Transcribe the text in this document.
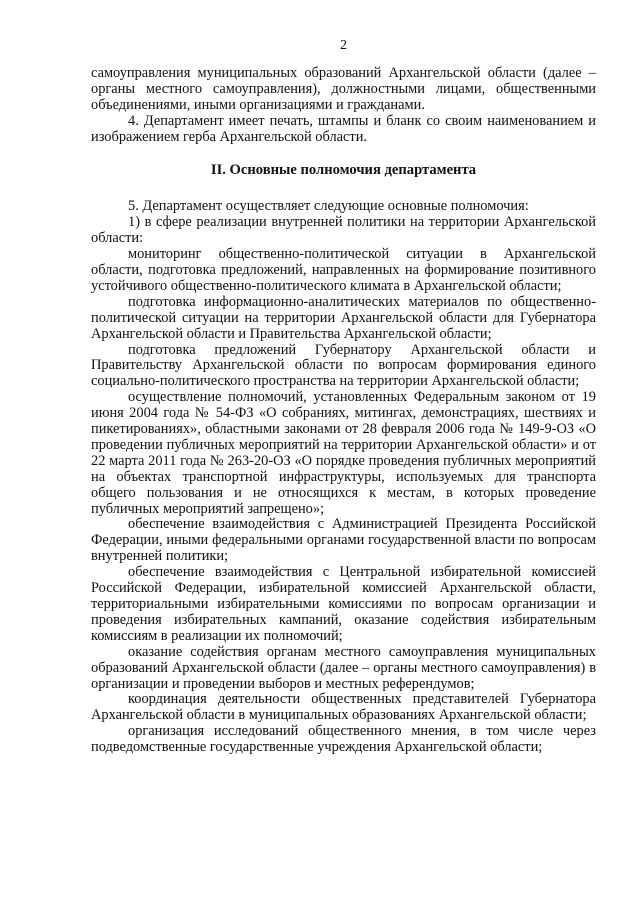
2

самоуправления муниципальных образований Архангельской области (далее – органы местного самоуправления), должностными лицами, общественными объединениями, иными организациями и гражданами.

4. Департамент имеет печать, штампы и бланк со своим наименованием и изображением герба Архангельской области.

II. Основные полномочия департамента

5. Департамент осуществляет следующие основные полномочия:

1) в сфере реализации внутренней политики на территории Архангельской области:

мониторинг общественно-политической ситуации в Архангельской области, подготовка предложений, направленных на формирование позитивного устойчивого общественно-политического климата в Архангельской области;

подготовка информационно-аналитических материалов по общественно-политической ситуации на территории Архангельской области для Губернатора Архангельской области и Правительства Архангельской области;

подготовка предложений Губернатору Архангельской области и Правительству Архангельской области по вопросам формирования единого социально-политического пространства на территории Архангельской области;

осуществление полномочий, установленных Федеральным законом от 19 июня 2004 года № 54-ФЗ «О собраниях, митингах, демонстрациях, шествиях и пикетированиях», областными законами от 28 февраля 2006 года № 149-9-ОЗ «О проведении публичных мероприятий на территории Архангельской области» и от 22 марта 2011 года № 263-20-ОЗ «О порядке проведения публичных мероприятий на объектах транспортной инфраструктуры, используемых для транспорта общего пользования и не относящихся к местам, в которых проведение публичных мероприятий запрещено»;

обеспечение взаимодействия с Администрацией Президента Российской Федерации, иными федеральными органами государственной власти по вопросам внутренней политики;

обеспечение взаимодействия с Центральной избирательной комиссией Российской Федерации, избирательной комиссией Архангельской области, территориальными избирательными комиссиями по вопросам организации и проведения избирательных кампаний, оказание содействия избирательным комиссиям в реализации их полномочий;

оказание содействия органам местного самоуправления муниципальных образований Архангельской области (далее – органы местного самоуправления) в организации и проведении выборов и местных референдумов;

координация деятельности общественных представителей Губернатора Архангельской области в муниципальных образованиях Архангельской области;

организация исследований общественного мнения, в том числе через подведомственные государственные учреждения Архангельской области;
